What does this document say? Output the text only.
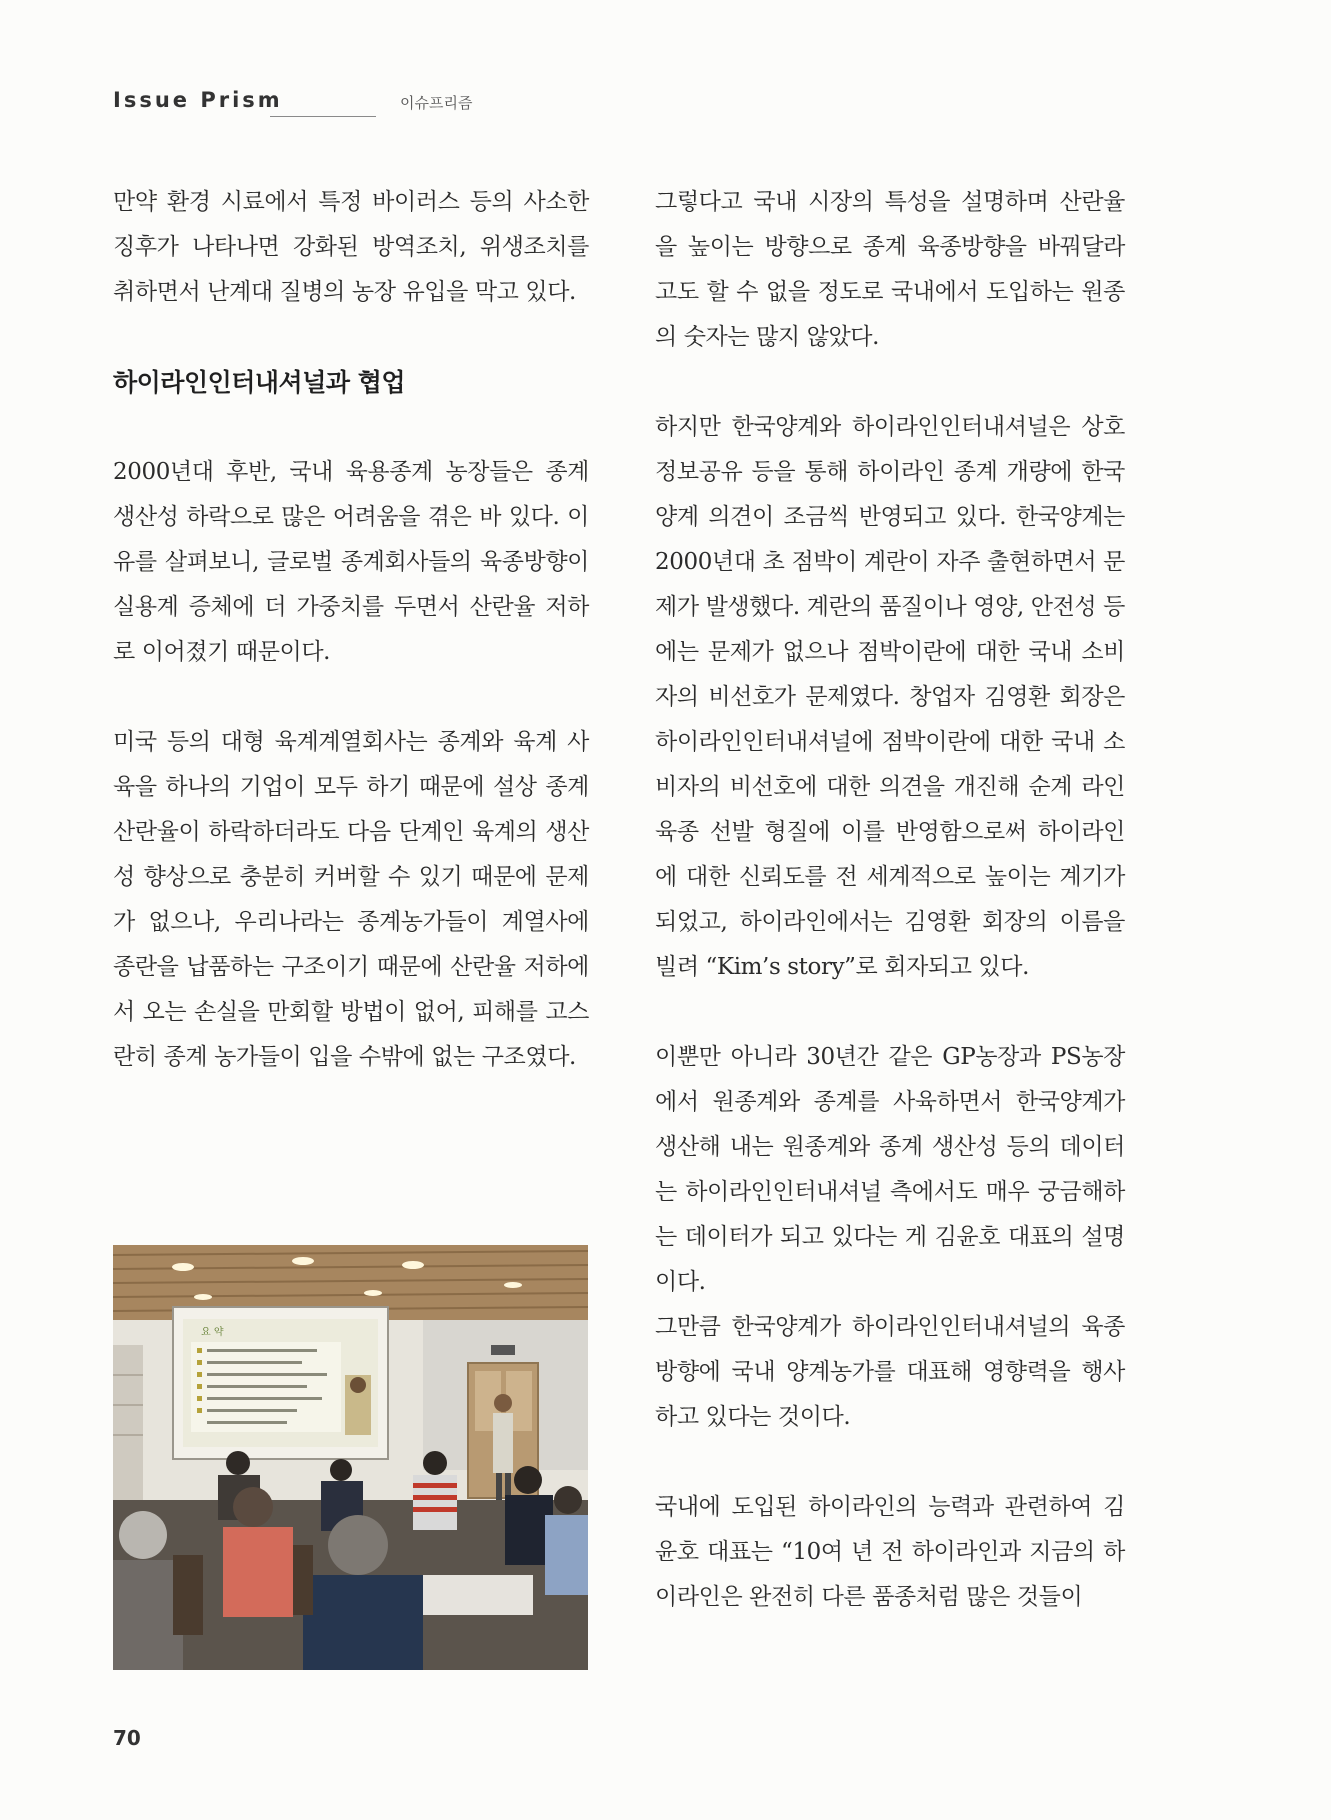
Issue Prism	이슈프리즘

만약 환경 시료에서 특정 바이러스 등의 사소한 징후가 나타나면 강화된 방역조치, 위생조치를 취하면서 난계대 질병의 농장 유입을 막고 있다.

하이라인인터내셔널과 협업

2000년대 후반, 국내 육용종계 농장들은 종계 생산성 하락으로 많은 어려움을 겪은 바 있다. 이유를 살펴보니, 글로벌 종계회사들의 육종방향이 실용계 증체에 더 가중치를 두면서 산란율 저하로 이어졌기 때문이다.

미국 등의 대형 육계계열회사는 종계와 육계 사육을 하나의 기업이 모두 하기 때문에 설상 종계 산란율이 하락하더라도 다음 단계인 육계의 생산성 향상으로 충분히 커버할 수 있기 때문에 문제가 없으나, 우리나라는 종계농가들이 계열사에 종란을 납품하는 구조이기 때문에 산란율 저하에서 오는 손실을 만회할 방법이 없어, 피해를 고스란히 종계 농가들이 입을 수밖에 없는 구조였다.

그렇다고 국내 시장의 특성을 설명하며 산란율을 높이는 방향으로 종계 육종방향을 바꿔달라고도 할 수 없을 정도로 국내에서 도입하는 원종의 숫자는 많지 않았다.

하지만 한국양계와 하이라인인터내셔널은 상호 정보공유 등을 통해 하이라인 종계 개량에 한국양계 의견이 조금씩 반영되고 있다. 한국양계는 2000년대 초 점박이 계란이 자주 출현하면서 문제가 발생했다. 계란의 품질이나 영양, 안전성 등에는 문제가 없으나 점박이란에 대한 국내 소비자의 비선호가 문제였다. 창업자 김영환 회장은 하이라인인터내셔널에 점박이란에 대한 국내 소비자의 비선호에 대한 의견을 개진해 순계 라인 육종 선발 형질에 이를 반영함으로써 하이라인에 대한 신뢰도를 전 세계적으로 높이는 계기가 되었고, 하이라인에서는 김영환 회장의 이름을 빌려 “Kim’s story”로 회자되고 있다.

이뿐만 아니라 30년간 같은 GP농장과 PS농장에서 원종계와 종계를 사육하면서 한국양계가 생산해 내는 원종계와 종계 생산성 등의 데이터는 하이라인인터내셔널 측에서도 매우 궁금해하는 데이터가 되고 있다는 게 김윤호 대표의 설명이다.

그만큼 한국양계가 하이라인인터내셔널의 육종 방향에 국내 양계농가를 대표해 영향력을 행사하고 있다는 것이다.

국내에 도입된 하이라인의 능력과 관련하여 김윤호 대표는 “10여 년 전 하이라인과 지금의 하이라인은 완전히 다른 품종처럼 많은 것들이

요 약
70
